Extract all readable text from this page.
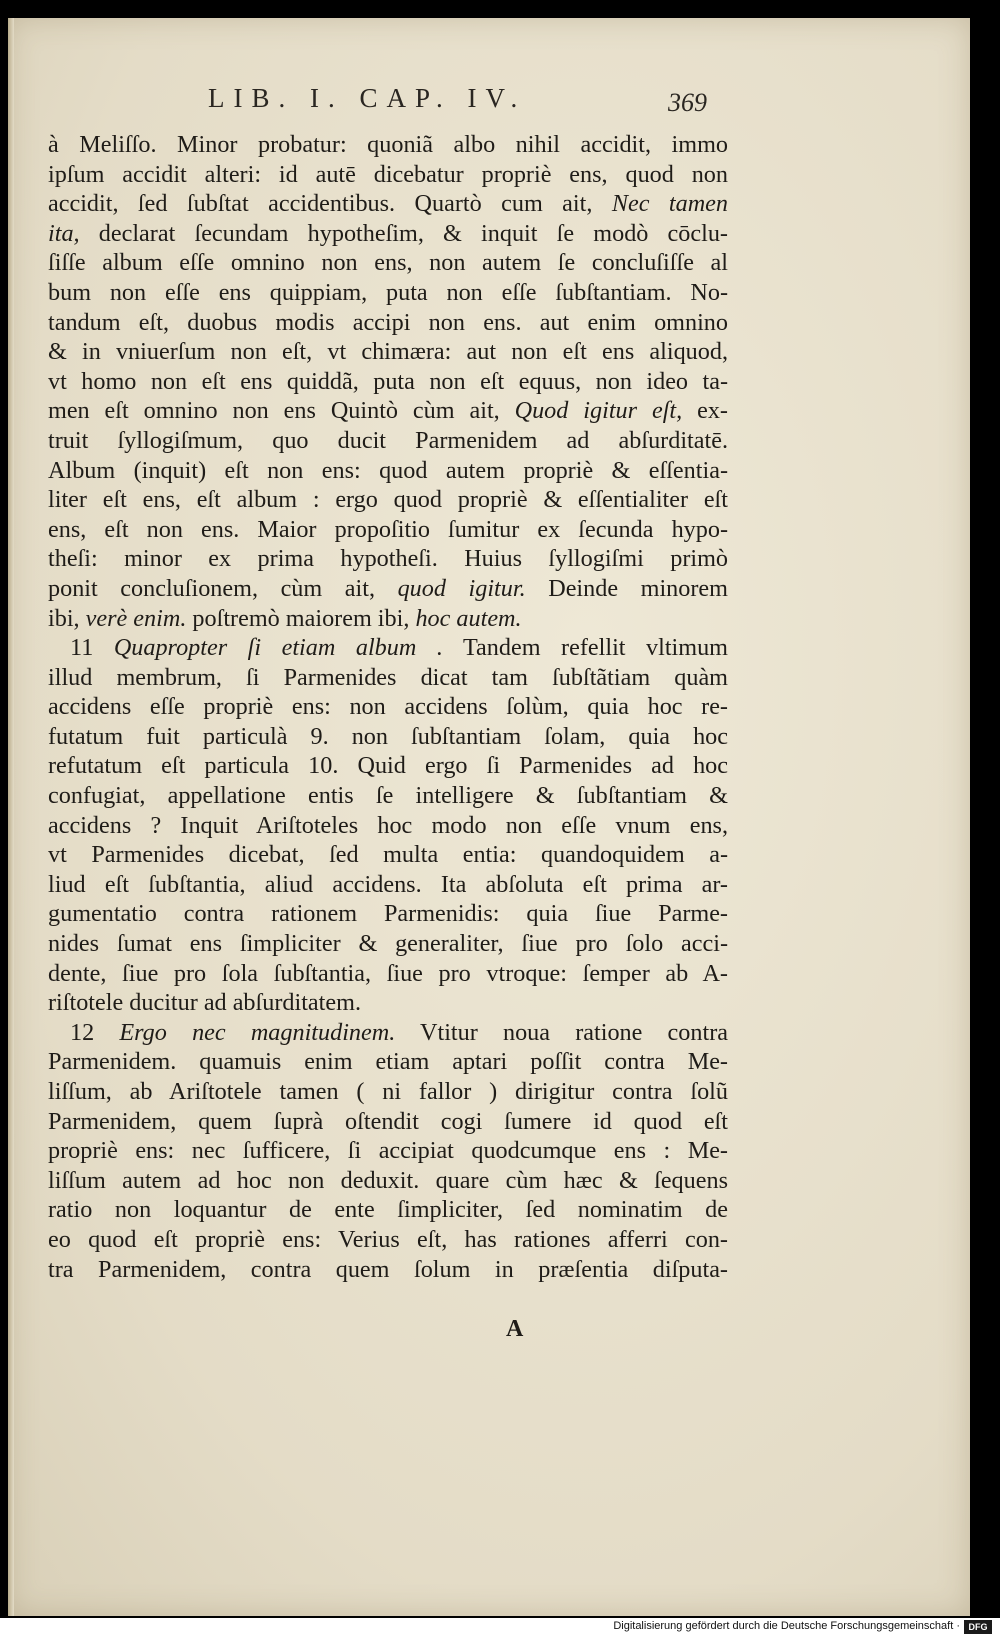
LIB. I. CAP. IV.	369
à Meliſſo. Minor probatur: quoniã albo nihil accidit, immo
ipſum accidit alteri: id autē dicebatur propriè ens, quod non
accidit, ſed ſubſtat accidentibus. Quartò cum ait, Nec tamen
ita, declarat ſecundam hypotheſim, & inquit ſe modò cōclu-
ſiſſe album eſſe omnino non ens, non autem ſe concluſiſſe al
bum non eſſe ens quippiam, puta non eſſe ſubſtantiam. No-
tandum eſt, duobus modis accipi non ens. aut enim omnino
& in vniuerſum non eſt, vt chimæra: aut non eſt ens aliquod,
vt homo non eſt ens quiddã, puta non eſt equus, non ideo ta-
men eſt omnino non ens Quintò cùm ait, Quod igitur eſt, ex-
truit ſyllogiſmum, quo ducit Parmenidem ad abſurditatē.
Album (inquit) eſt non ens: quod autem propriè & eſſentia-
liter eſt ens, eſt album : ergo quod propriè & eſſentialiter eſt
ens, eſt non ens. Maior propoſitio ſumitur ex ſecunda hypo-
theſi: minor ex prima hypotheſi. Huius ſyllogiſmi primò
ponit concluſionem, cùm ait, quod igitur. Deinde minorem
ibi, verè enim. poſtremò maiorem ibi, hoc autem.
11 Quapropter ſi etiam album . Tandem refellit vltimum
illud membrum, ſi Parmenides dicat tam ſubſtãtiam quàm
accidens eſſe propriè ens: non accidens ſolùm, quia hoc re-
futatum fuit particulà 9. non ſubſtantiam ſolam, quia hoc
refutatum eſt particula 10. Quid ergo ſi Parmenides ad hoc
confugiat, appellatione entis ſe intelligere & ſubſtantiam &
accidens ? Inquit Ariſtoteles hoc modo non eſſe vnum ens,
vt Parmenides dicebat, ſed multa entia: quandoquidem a-
liud eſt ſubſtantia, aliud accidens. Ita abſoluta eſt prima ar-
gumentatio contra rationem Parmenidis: quia ſiue Parme-
nides ſumat ens ſimpliciter & generaliter, ſiue pro ſolo acci-
dente, ſiue pro ſola ſubſtantia, ſiue pro vtroque: ſemper ab A-
riſtotele ducitur ad abſurditatem.
12 Ergo nec magnitudinem. Vtitur noua ratione contra
Parmenidem. quamuis enim etiam aptari poſſit contra Me-
liſſum, ab Ariſtotele tamen ( ni fallor ) dirigitur contra ſolũ
Parmenidem, quem ſuprà oſtendit cogi ſumere id quod eſt
propriè ens: nec ſufficere, ſi accipiat quodcumque ens : Me-
liſſum autem ad hoc non deduxit. quare cùm hæc & ſequens
ratio non loquantur de ente ſimpliciter, ſed nominatim de
eo quod eſt propriè ens: Verius eſt, has rationes afferri con-
tra Parmenidem, contra quem ſolum in præſentia diſputa-
A
Digitalisierung gefördert durch die Deutsche Forschungsgemeinschaft · DFG
